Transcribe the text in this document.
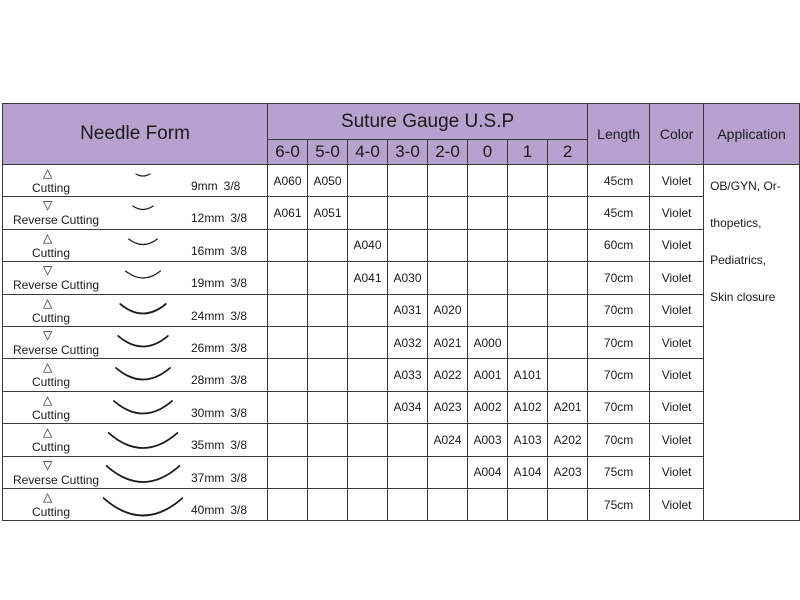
Needle Form	Suture Gauge U.S.P								Length	Color	Application
	6-0	5-0	4-0	3-0	2-0	0	1	2			

△
Cutting 9mm 3/8	A060	A050							45cm	Violet	OB/GYN, Or-
thopetics,
Pediatrics,
Skin closure

▽
Reverse Cutting 12mm 3/8	A061	A051							45cm	Violet	

△
Cutting 16mm 3/8			A040						60cm	Violet	

▽
Reverse Cutting 19mm 3/8			A041	A030					70cm	Violet	

△
Cutting 24mm 3/8				A031	A020				70cm	Violet	

▽
Reverse Cutting 26mm 3/8				A032	A021	A000			70cm	Violet	

△
Cutting 28mm 3/8				A033	A022	A001	A101		70cm	Violet	

△
Cutting 30mm 3/8				A034	A023	A002	A102	A201	70cm	Violet	

△
Cutting 35mm 3/8					A024	A003	A103	A202	70cm	Violet	

▽
Reverse Cutting 37mm 3/8						A004	A104	A203	75cm	Violet	

△
Cutting 40mm 3/8									75cm	Violet	
